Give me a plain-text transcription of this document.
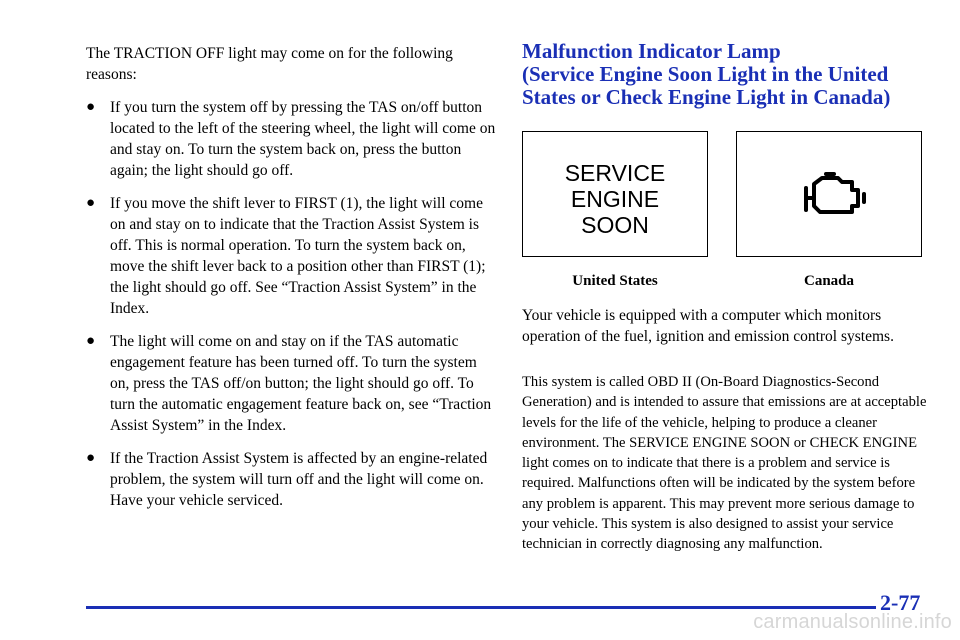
The TRACTION OFF light may come on for the following reasons:

● If you turn the system off by pressing the TAS on/off button located to the left of the steering wheel, the light will come on and stay on. To turn the system back on, press the button again; the light should go off.
● If you move the shift lever to FIRST (1), the light will come on and stay on to indicate that the Traction Assist System is off. This is normal operation. To turn the system back on, move the shift lever back to a position other than FIRST (1); the light should go off. See “Traction Assist System” in the Index.
● The light will come on and stay on if the TAS automatic engagement feature has been turned off. To turn the system on, press the TAS off/on button; the light should go off. To turn the automatic engagement feature back on, see “Traction Assist System” in the Index.
● If the Traction Assist System is affected by an engine-related problem, the system will turn off and the light will come on. Have your vehicle serviced.
Malfunction Indicator Lamp
(Service Engine Soon Light in the United
States or Check Engine Light in Canada)
SERVICE
ENGINE
SOON
United States	Canada

Your vehicle is equipped with a computer which monitors operation of the fuel, ignition and emission control systems.

This system is called OBD II (On-Board Diagnostics-Second Generation) and is intended to assure that emissions are at acceptable levels for the life of the vehicle, helping to produce a cleaner environment. The SERVICE ENGINE SOON or CHECK ENGINE light comes on to indicate that there is a problem and service is required. Malfunctions often will be indicated by the system before any problem is apparent. This may prevent more serious damage to your vehicle. This system is also designed to assist your service technician in correctly diagnosing any malfunction.

2-77
carmanualsonline.info
